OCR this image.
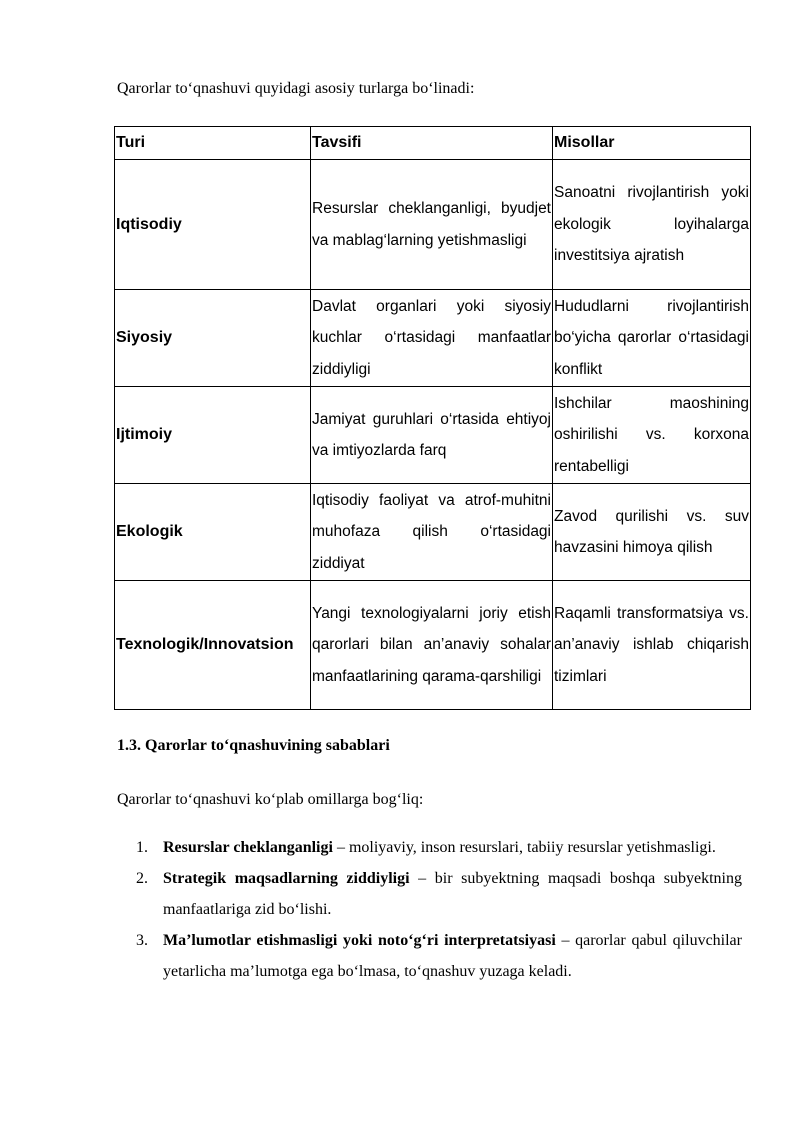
Qarorlar to‘qnashuvi quyidagi asosiy turlarga bo‘linadi:

Turi	Tavsifi	Misollar
Iqtisodiy	Resurslar cheklanganligi, byudjet va mablag‘larning yetishmasligi	Sanoatni rivojlantirish yoki ekologik loyihalarga investitsiya ajratish
Siyosiy	Davlat organlari yoki siyosiy kuchlar o‘rtasidagi manfaatlar ziddiyligi	Hududlarni rivojlantirish bo‘yicha qarorlar o‘rtasidagi konflikt
Ijtimoiy	Jamiyat guruhlari o‘rtasida ehtiyoj va imtiyozlarda farq	Ishchilar maoshining oshirilishi vs. korxona rentabelligi
Ekologik	Iqtisodiy faoliyat va atrof-muhitni muhofaza qilish o‘rtasidagi ziddiyat	Zavod qurilishi vs. suv havzasini himoya qilish
Texnologik/Innovatsion	Yangi texnologiyalarni joriy etish qarorlari bilan an’anaviy sohalar manfaatlarining qarama-qarshiligi	Raqamli transformatsiya vs. an’anaviy ishlab chiqarish tizimlari
1.3. Qarorlar to‘qnashuvining sabablari

Qarorlar to‘qnashuvi ko‘plab omillarga bog‘liq:

1. Resurslar cheklanganligi – moliyaviy, inson resurslari, tabiiy resurslar yetishmasligi.
2. Strategik maqsadlarning ziddiyligi – bir subyektning maqsadi boshqa subyektning manfaatlariga zid bo‘lishi.
3. Ma’lumotlar etishmasligi yoki noto‘g‘ri interpretatsiyasi – qarorlar qabul qiluvchilar yetarlicha ma’lumotga ega bo‘lmasa, to‘qnashuv yuzaga keladi.
